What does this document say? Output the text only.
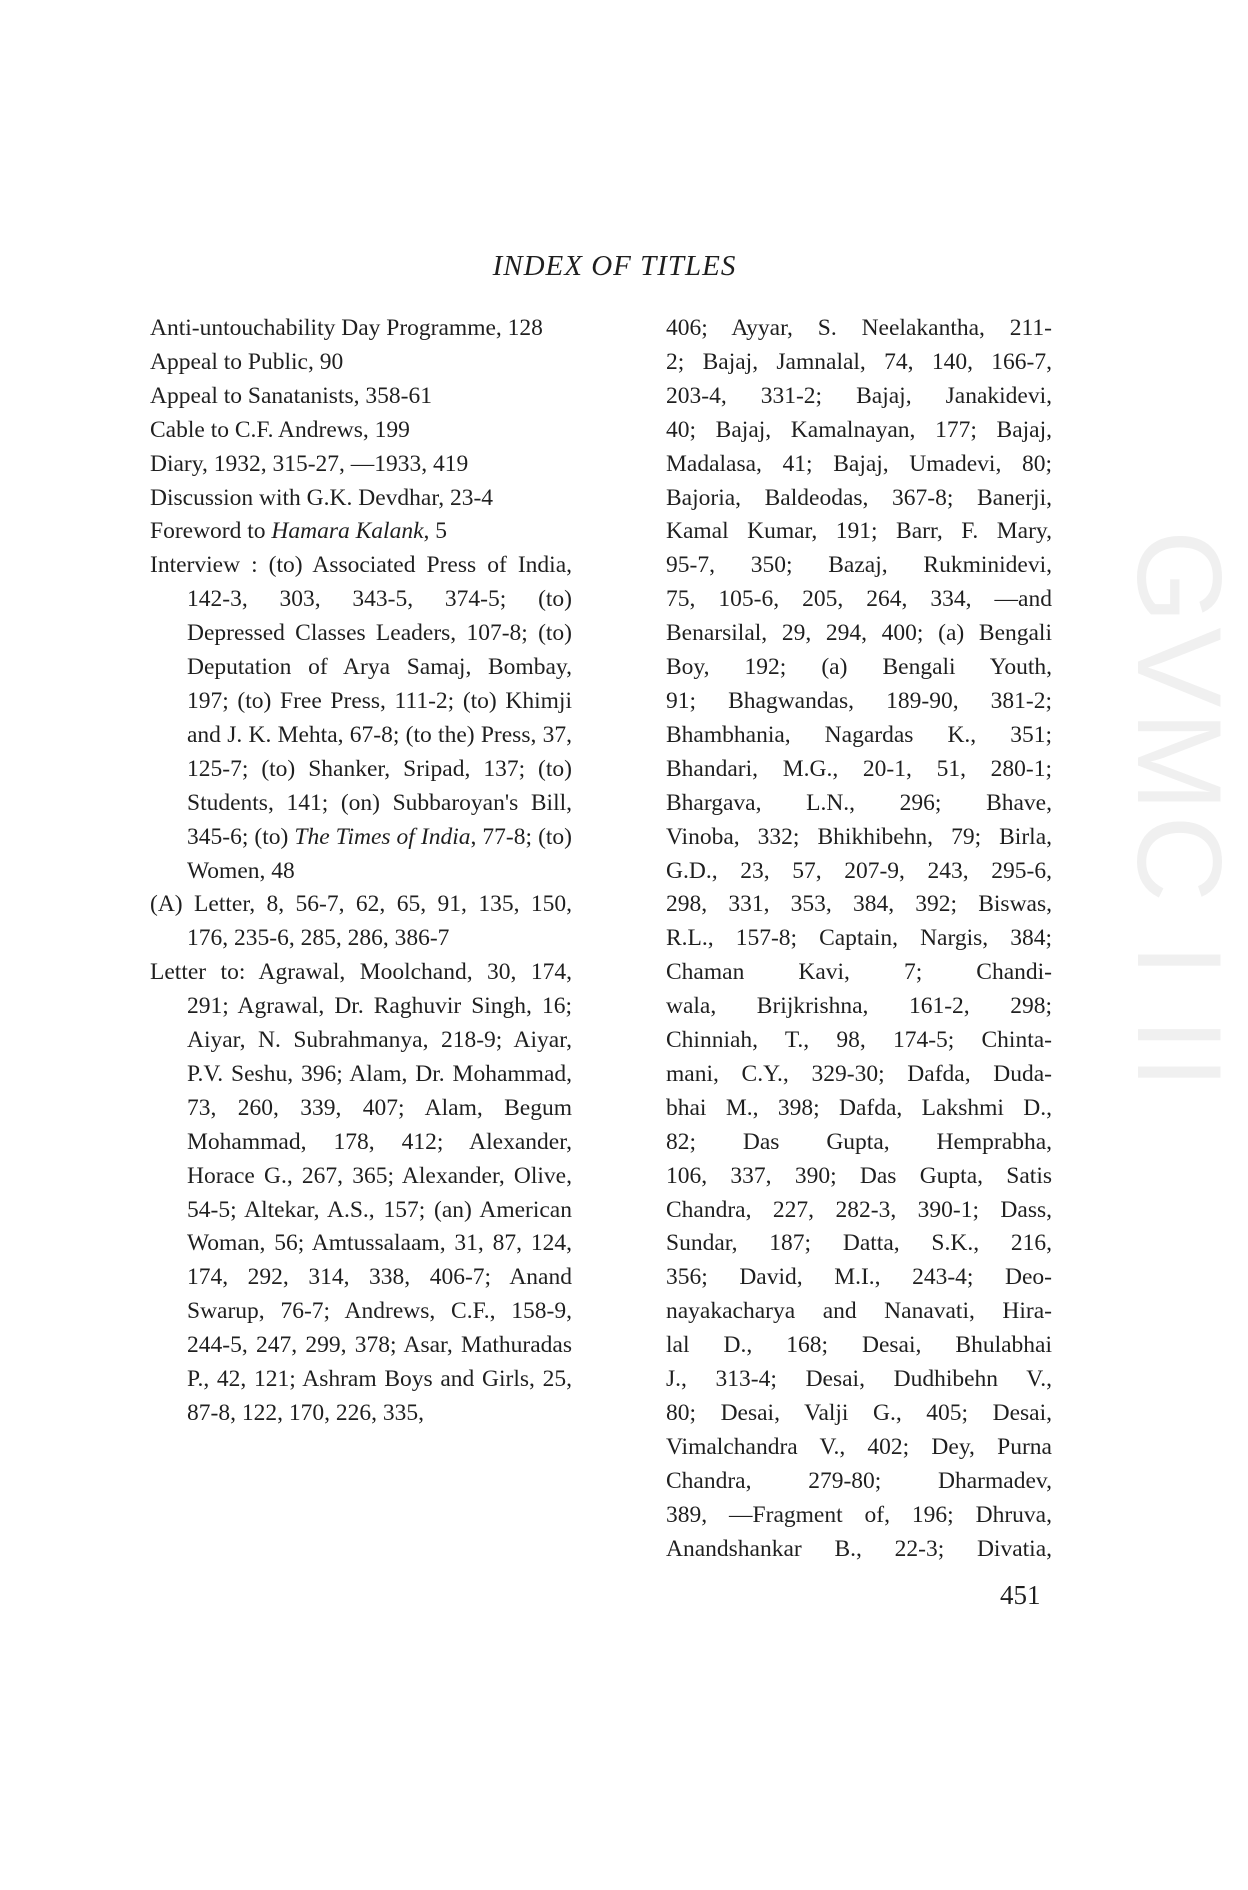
INDEX OF TITLES
GVMC I II
Anti-untouchability Day Programme, 128
Appeal to Public, 90
Appeal to Sanatanists, 358-61
Cable to C.F. Andrews, 199
Diary, 1932, 315-27, —1933, 419
Discussion with G.K. Devdhar, 23-4
Foreword to Hamara Kalank, 5
Interview : (to) Associated Press of India, 142-3, 303, 343-5, 374-5; (to) Depressed Classes Leaders, 107-8; (to) Deputation of Arya Samaj, Bombay, 197; (to) Free Press, 111-2; (to) Khimji and J. K. Mehta, 67-8; (to the) Press, 37, 125-7; (to) Shanker, Sripad, 137; (to) Students, 141; (on) Subbaroyan's Bill, 345-6; (to) The Times of India, 77-8; (to) Women, 48
(A) Letter, 8, 56-7, 62, 65, 91, 135, 150, 176, 235-6, 285, 286, 386-7
Letter to: Agrawal, Moolchand, 30, 174, 291; Agrawal, Dr. Raghuvir Singh, 16; Aiyar, N. Subrahmanya, 218-9; Aiyar, P.V. Seshu, 396; Alam, Dr. Mohammad, 73, 260, 339, 407; Alam, Begum Mohammad, 178, 412; Alexander, Horace G., 267, 365; Alexander, Olive, 54-5; Altekar, A.S., 157; (an) American Woman, 56; Amtussalaam, 31, 87, 124, 174, 292, 314, 338, 406-7; Anand Swarup, 76-7; Andrews, C.F., 158-9, 244-5, 247, 299, 378; Asar, Mathuradas P., 42, 121; Ashram Boys and Girls, 25, 87-8, 122, 170, 226, 335,
406; Ayyar, S. Neelakantha, 211-
2; Bajaj, Jamnalal, 74, 140, 166-7,
203-4, 331-2; Bajaj, Janakidevi,
40; Bajaj, Kamalnayan, 177; Bajaj,
Madalasa, 41; Bajaj, Umadevi, 80;
Bajoria, Baldeodas, 367-8; Banerji,
Kamal Kumar, 191; Barr, F. Mary,
95-7, 350; Bazaj, Rukminidevi,
75, 105-6, 205, 264, 334, —and
Benarsilal, 29, 294, 400; (a) Bengali
Boy, 192; (a) Bengali Youth,
91; Bhagwandas, 189-90, 381-2;
Bhambhania, Nagardas K., 351;
Bhandari, M.G., 20-1, 51, 280-1;
Bhargava, L.N., 296; Bhave,
Vinoba, 332; Bhikhibehn, 79; Birla,
G.D., 23, 57, 207-9, 243, 295-6,
298, 331, 353, 384, 392; Biswas,
R.L., 157-8; Captain, Nargis, 384;
Chaman Kavi, 7; Chandi-
wala, Brijkrishna, 161-2, 298;
Chinniah, T., 98, 174-5; Chinta-
mani, C.Y., 329-30; Dafda, Duda-
bhai M., 398; Dafda, Lakshmi D.,
82; Das Gupta, Hemprabha,
106, 337, 390; Das Gupta, Satis
Chandra, 227, 282-3, 390-1; Dass,
Sundar, 187; Datta, S.K., 216,
356; David, M.I., 243-4; Deo-
nayakacharya and Nanavati, Hira-
lal D., 168; Desai, Bhulabhai
J., 313-4; Desai, Dudhibehn V.,
80; Desai, Valji G., 405; Desai,
Vimalchandra V., 402; Dey, Purna
Chandra, 279-80; Dharmadev,
389, —Fragment of, 196; Dhruva,
Anandshankar B., 22-3; Divatia,
451
